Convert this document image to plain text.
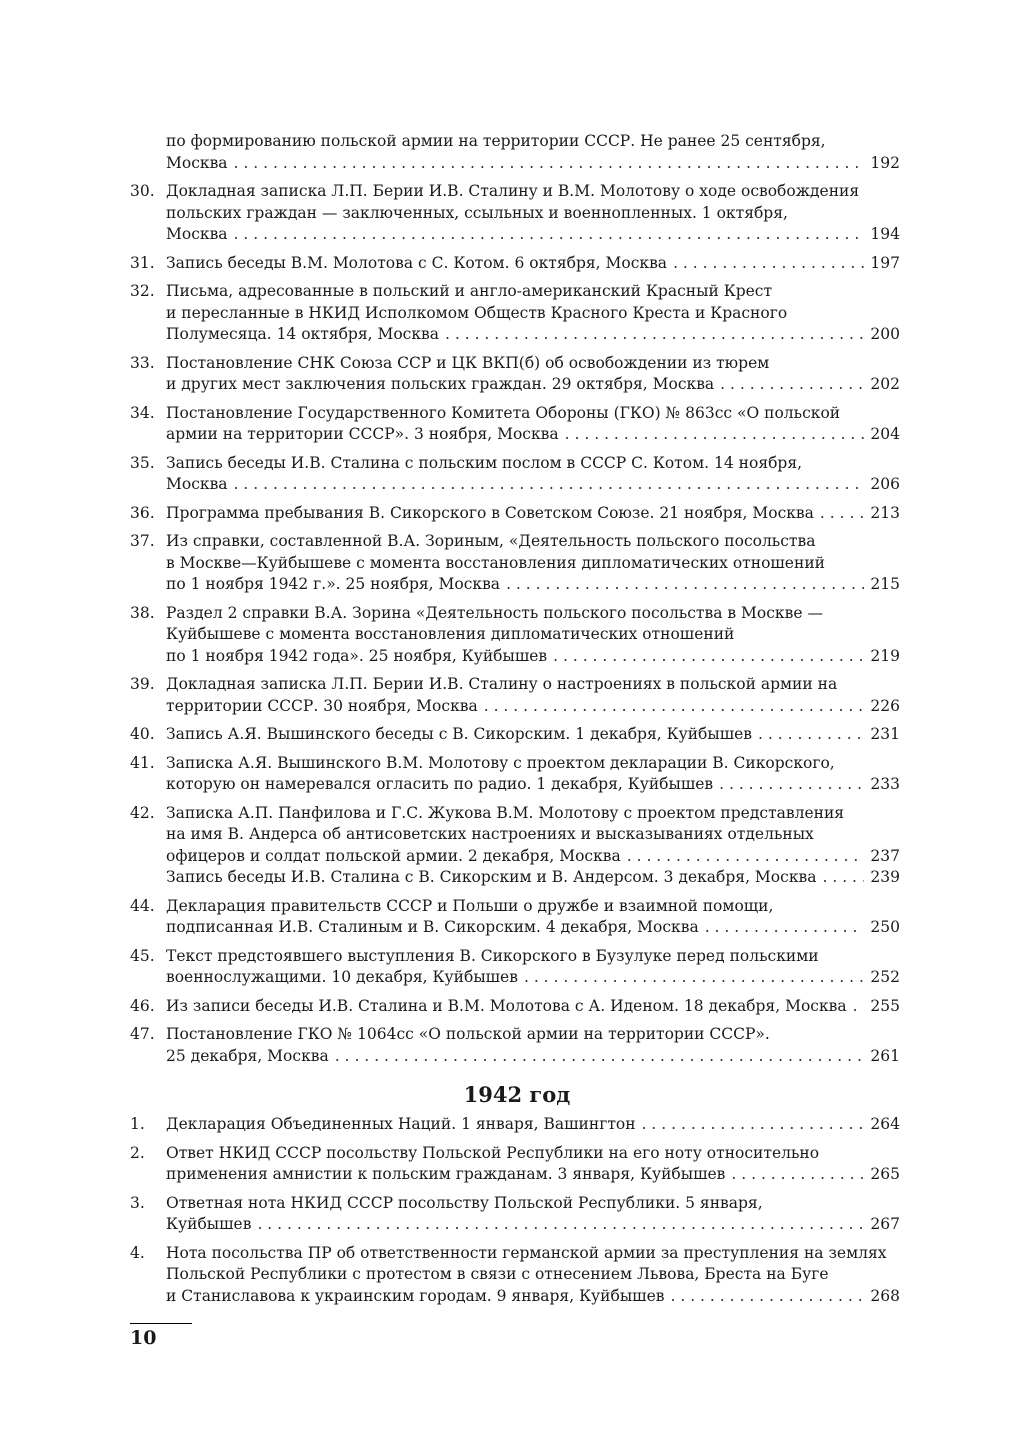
по формированию польской армии на территории СССР. Не ранее 25 сентября,
Москва . . .	192
30. Докладная записка Л.П. Берии И.В. Сталину и В.М. Молотову о ходе освобождения
польских граждан — заключенных, ссыльных и военнопленных. 1 октября,
Москва . . .	194
31. Запись беседы В.М. Молотова с С. Котом. 6 октября, Москва . . .	197
32. Письма, адресованные в польский и англо-американский Красный Крест
и пересланные в НКИД Исполкомом Обществ Красного Креста и Красного
Полумесяца. 14 октября, Москва . . .	200
33. Постановление СНК Союза ССР и ЦК ВКП(б) об освобождении из тюрем
и других мест заключения польских граждан. 29 октября, Москва . . .	202
34. Постановление Государственного Комитета Обороны (ГКО) № 863сс «О польской
армии на территории СССР». 3 ноября, Москва . . .	204
35. Запись беседы И.В. Сталина с польским послом в СССР С. Котом. 14 ноября,
Москва . . .	206
36. Программа пребывания В. Сикорского в Советском Союзе. 21 ноября, Москва . . .	213
37. Из справки, составленной В.А. Зориным, «Деятельность польского посольства
в Москве—Куйбышеве с момента восстановления дипломатических отношений
по 1 ноября 1942 г.». 25 ноября, Москва . . .	215
38. Раздел 2 справки В.А. Зорина «Деятельность польского посольства в Москве —
Куйбышеве с момента восстановления дипломатических отношений
по 1 ноября 1942 года». 25 ноября, Куйбышев . . .	219
39. Докладная записка Л.П. Берии И.В. Сталину о настроениях в польской армии на
территории СССР. 30 ноября, Москва . . .	226
40. Запись А.Я. Вышинского беседы с В. Сикорским. 1 декабря, Куйбышев . . .	231
41. Записка А.Я. Вышинского В.М. Молотову с проектом декларации В. Сикорского,
которую он намеревался огласить по радио. 1 декабря, Куйбышев . . .	233
42. Записка А.П. Панфилова и Г.С. Жукова В.М. Молотову с проектом представления
на имя В. Андерса об антисоветских настроениях и высказываниях отдельных
офицеров и солдат польской армии. 2 декабря, Москва . . .	237
Запись беседы И.В. Сталина с В. Сикорским и В. Андерсом. 3 декабря, Москва . . .	239
44. Декларация правительств СССР и Польши о дружбе и взаимной помощи,
подписанная И.В. Сталиным и В. Сикорским. 4 декабря, Москва . . .	250
45. Текст предстоявшего выступления В. Сикорского в Бузулуке перед польскими
военнослужащими. 10 декабря, Куйбышев . . .	252
46. Из записи беседы И.В. Сталина и В.М. Молотова с А. Иденом. 18 декабря, Москва . . .	255
47. Постановление ГКО № 1064сс «О польской армии на территории СССР».
25 декабря, Москва . . .	261
1942 год
1. Декларация Объединенных Наций. 1 января, Вашингтон . . .	264
2. Ответ НКИД СССР посольству Польской Республики на его ноту относительно
применения амнистии к польским гражданам. 3 января, Куйбышев . . .	265
3. Ответная нота НКИД СССР посольству Польской Республики. 5 января,
Куйбышев . . .	267
4. Нота посольства ПР об ответственности германской армии за преступления на землях
Польской Республики с протестом в связи с отнесением Львова, Бреста на Буге
и Станиславова к украинским городам. 9 января, Куйбышев . . .	268
10
